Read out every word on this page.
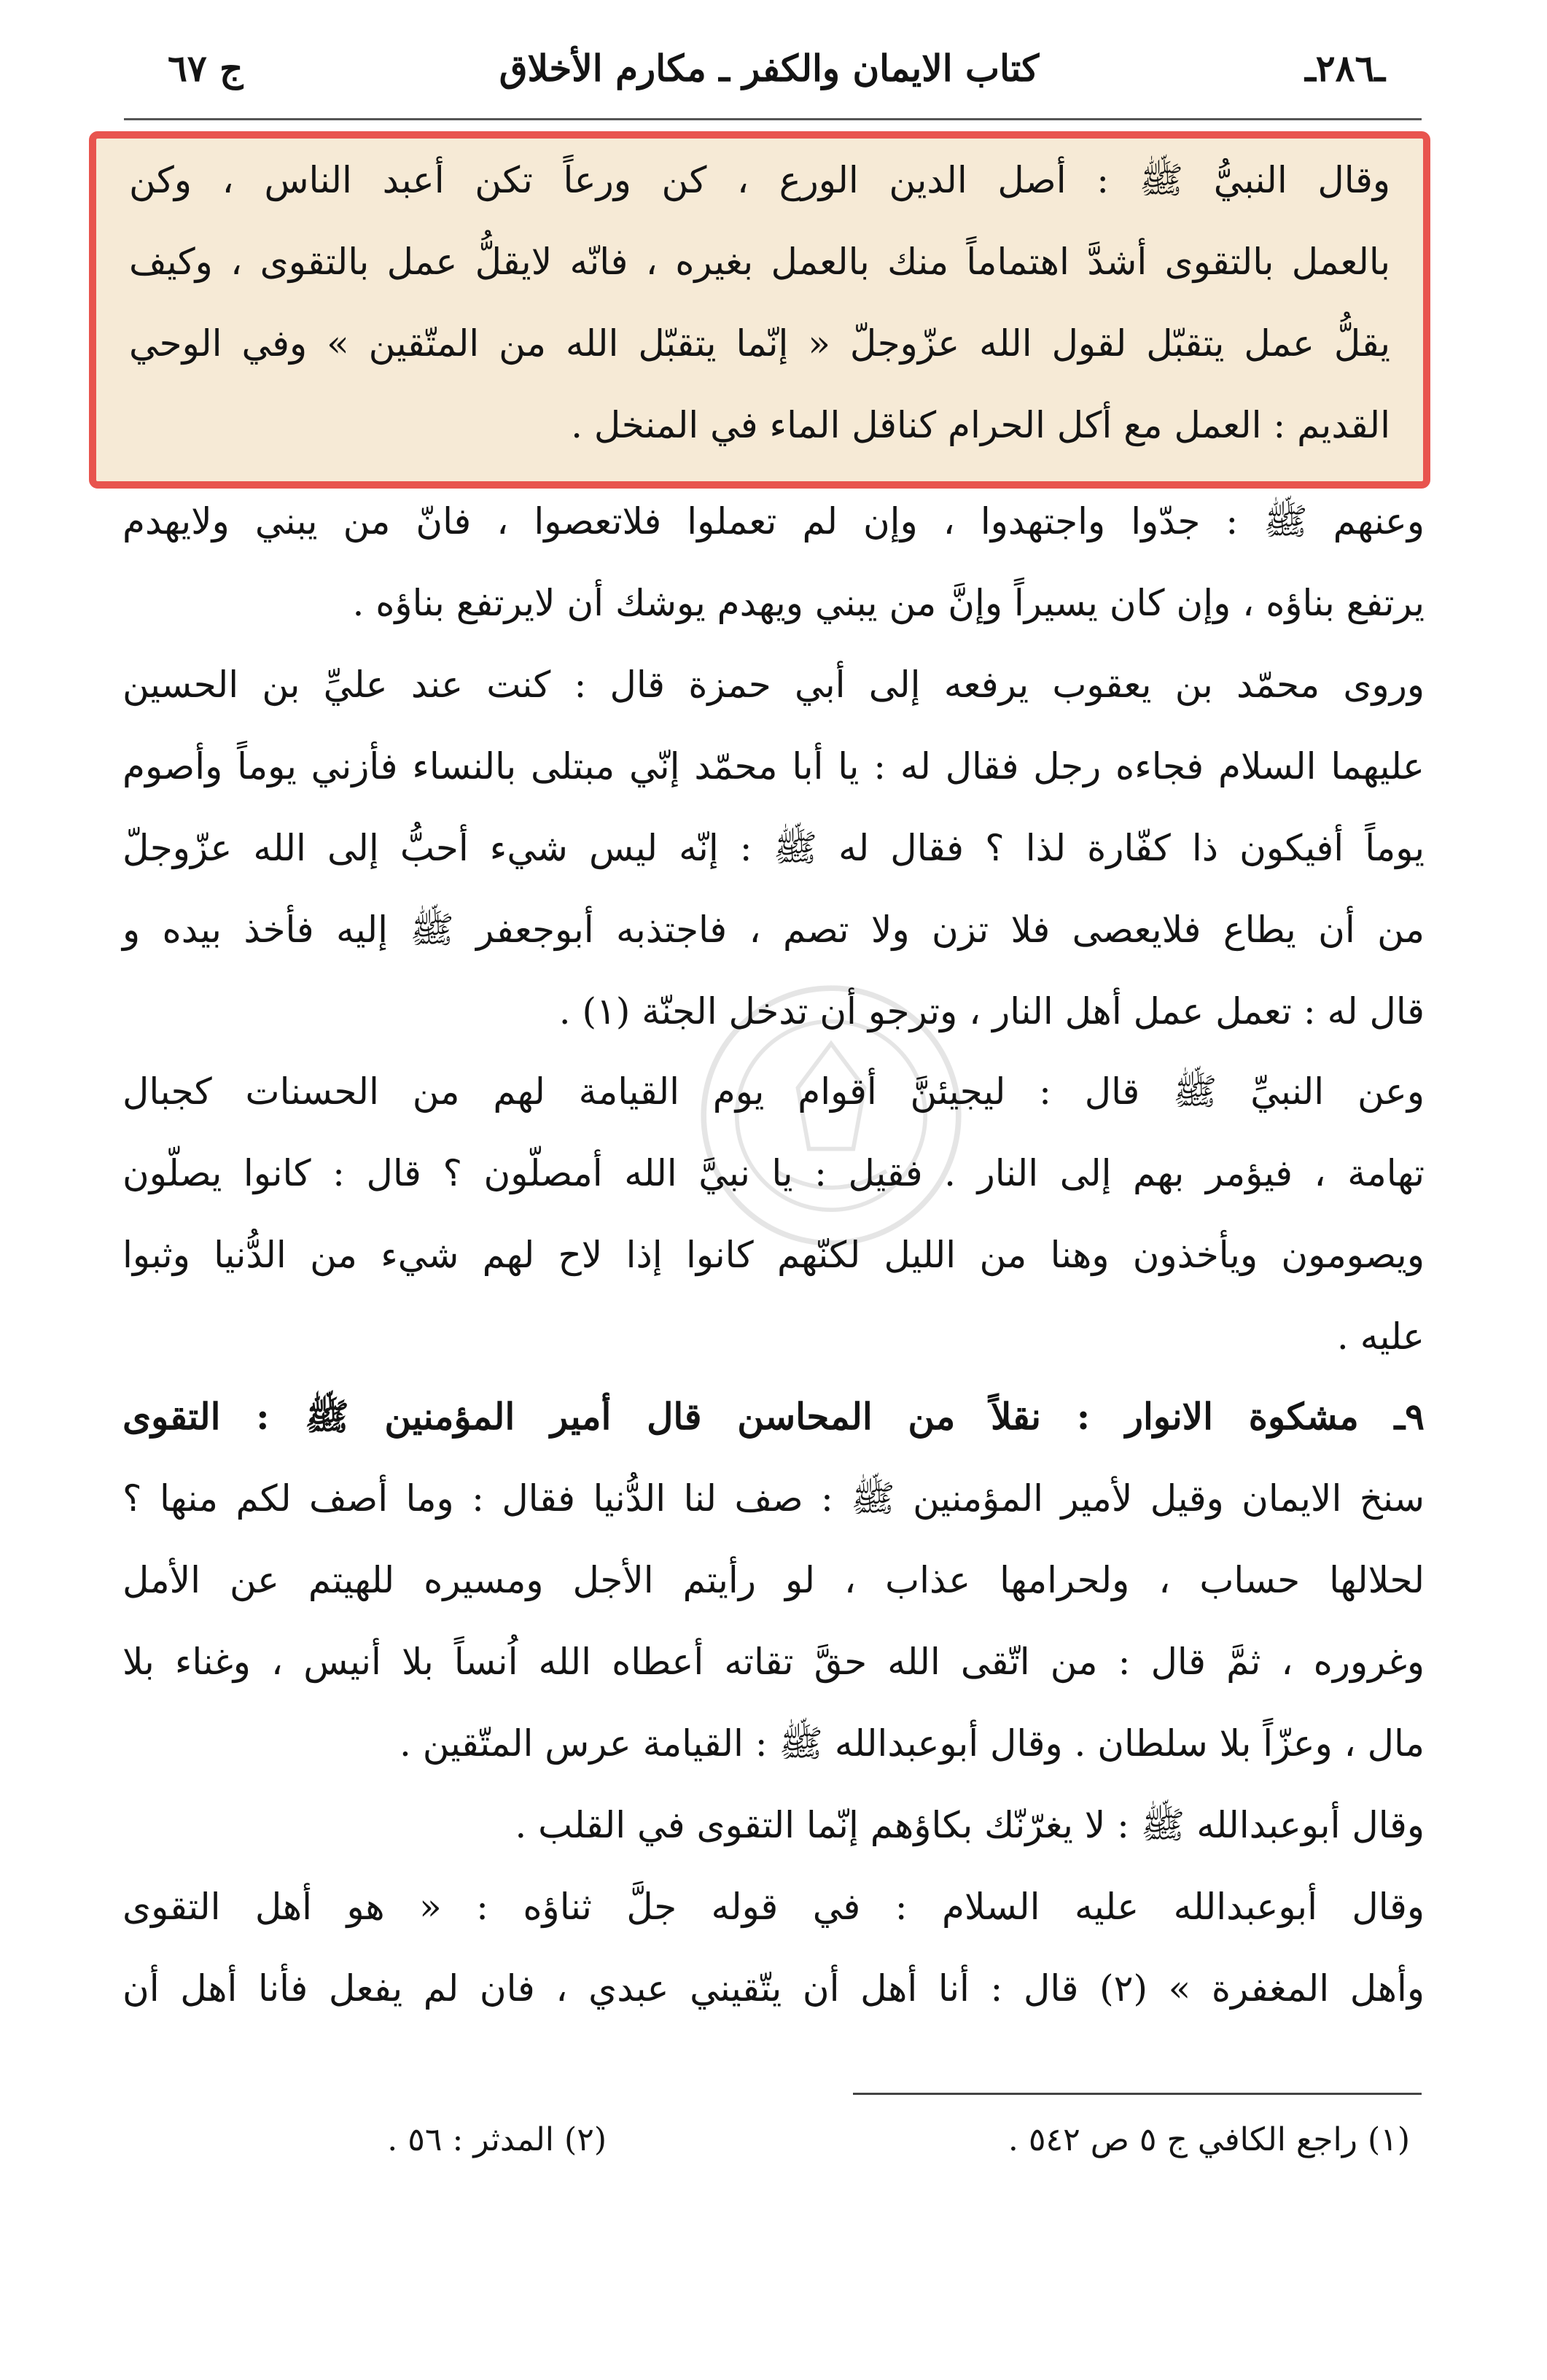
ـ٢٨٦ـ
كتاب الايمان والكفر ـ مكارم الأخلاق
ج ٦٧
وقال النبيُّ ﷺ : أصل الدين الورع ، كن ورعاً تكن أعبد الناس ، وكن
بالعمل بالتقوى أشدَّ اهتماماً منك بالعمل بغيره ، فانّه لايقلُّ عمل بالتقوى ، وكيف
يقلُّ عمل يتقبّل لقول الله عزّوجلّ « إنّما يتقبّل الله من المتّقين » وفي الوحي
القديم : العمل مع أكل الحرام كناقل الماء في المنخل .
وعنهم ﷺ : جدّوا واجتهدوا ، وإن لم تعملوا فلاتعصوا ، فانّ من يبني ولايهدم
يرتفع بناؤه ، وإن كان يسيراً وإنَّ من يبني ويهدم يوشك أن لايرتفع بناؤه .
وروى محمّد بن يعقوب يرفعه إلى أبي حمزة قال : كنت عند عليِّ بن الحسين
عليهما السلام فجاءه رجل فقال له : يا أبا محمّد إنّي مبتلى بالنساء فأزني يوماً وأصوم
يوماً أفيكون ذا كفّارة لذا ؟ فقال له ﷺ : إنّه ليس شيء أحبُّ إلى الله عزّوجلّ
من أن يطاع فلايعصى فلا تزن ولا تصم ، فاجتذبه أبوجعفر ﷺ إليه فأخذ بيده و
قال له : تعمل عمل أهل النار ، وترجو أن تدخل الجنّة (١) .
وعن النبيِّ ﷺ قال : ليجيئنَّ أقوام يوم القيامة لهم من الحسنات كجبال
تهامة ، فيؤمر بهم إلى النار . فقيل : يا نبيَّ الله أمصلّون ؟ قال : كانوا يصلّون
ويصومون ويأخذون وهنا من الليل لكنّهم كانوا إذا لاح لهم شيء من الدُّنيا وثبوا
عليه .
٩ـ مشكوة الانوار : نقلاً من المحاسن قال أمير المؤمنين ﷺ : التقوى
سنخ الايمان وقيل لأمير المؤمنين ﷺ : صف لنا الدُّنيا فقال : وما أصف لكم منها ؟
لحلالها حساب ، ولحرامها عذاب ، لو رأيتم الأجل ومسيره للهيتم عن الأمل
وغروره ، ثمَّ قال : من اتّقى الله حقَّ تقاته أعطاه الله اُنساً بلا أنيس ، وغناء بلا
مال ، وعزّاً بلا سلطان . وقال أبوعبدالله ﷺ : القيامة عرس المتّقين .
وقال أبوعبدالله ﷺ : لا يغرّنّك بكاؤهم إنّما التقوى في القلب .
وقال أبوعبدالله عليه السلام : في قوله جلَّ ثناؤه : « هو أهل التقوى
وأهل المغفرة » (٢) قال : أنا أهل أن يتّقيني عبدي ، فان لم يفعل فأنا أهل أن
(١) راجع الكافي ج ٥ ص ٥٤٢ .
(٢) المدثر : ٥٦ .
